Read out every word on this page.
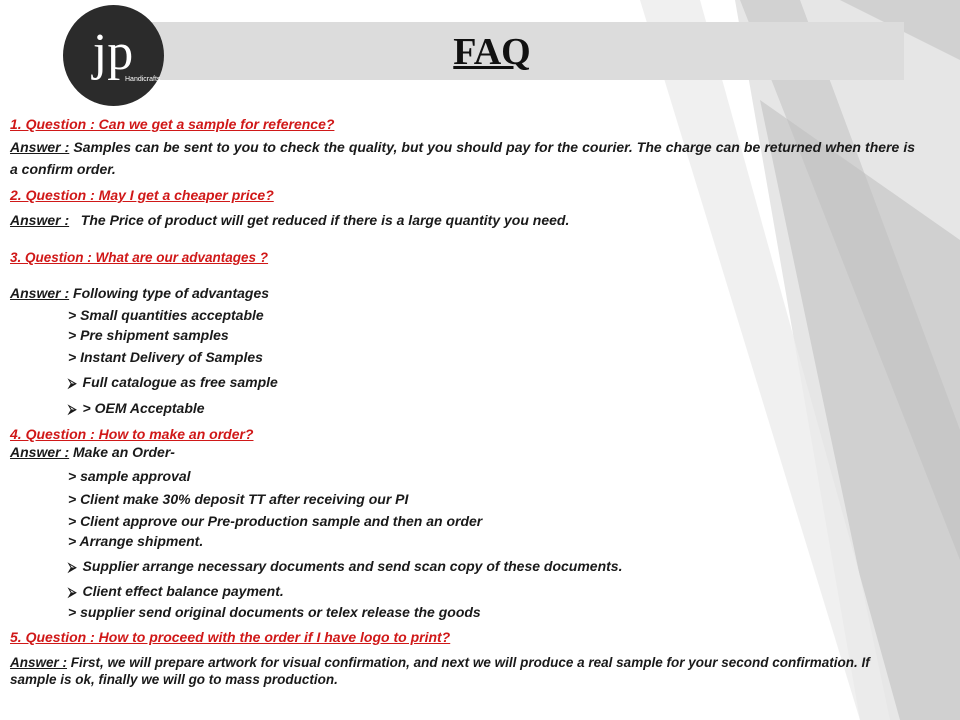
FAQ
jp
Handicrafts
1. Question : Can we get a sample for reference?
Answer : Samples can be sent to you to check the quality, but you should pay for the courier. The charge can be returned when there is a confirm order.
2. Question : May I get a cheaper price?
Answer : The Price of product will get reduced if there is a large quantity you need.
3. Question : What are our advantages ?
Answer : Following type of advantages
> Small quantities acceptable
> Pre shipment samples
> Instant Delivery of Samples
⮚ Full catalogue as free sample
⮚ > OEM Acceptable
4. Question : How to make an order?
Answer : Make an Order-
> sample approval
> Client make 30% deposit TT after receiving our PI
> Client approve our Pre-production sample and then an order
> Arrange shipment.
⮚ Supplier arrange necessary documents and send scan copy of these documents.
⮚ Client effect balance payment.
> supplier send original documents or telex release the goods
5. Question : How to proceed with the order if I have logo to print?
Answer : First, we will prepare artwork for visual confirmation, and next we will produce a real sample for your second confirmation. If sample is ok, finally we will go to mass production.
